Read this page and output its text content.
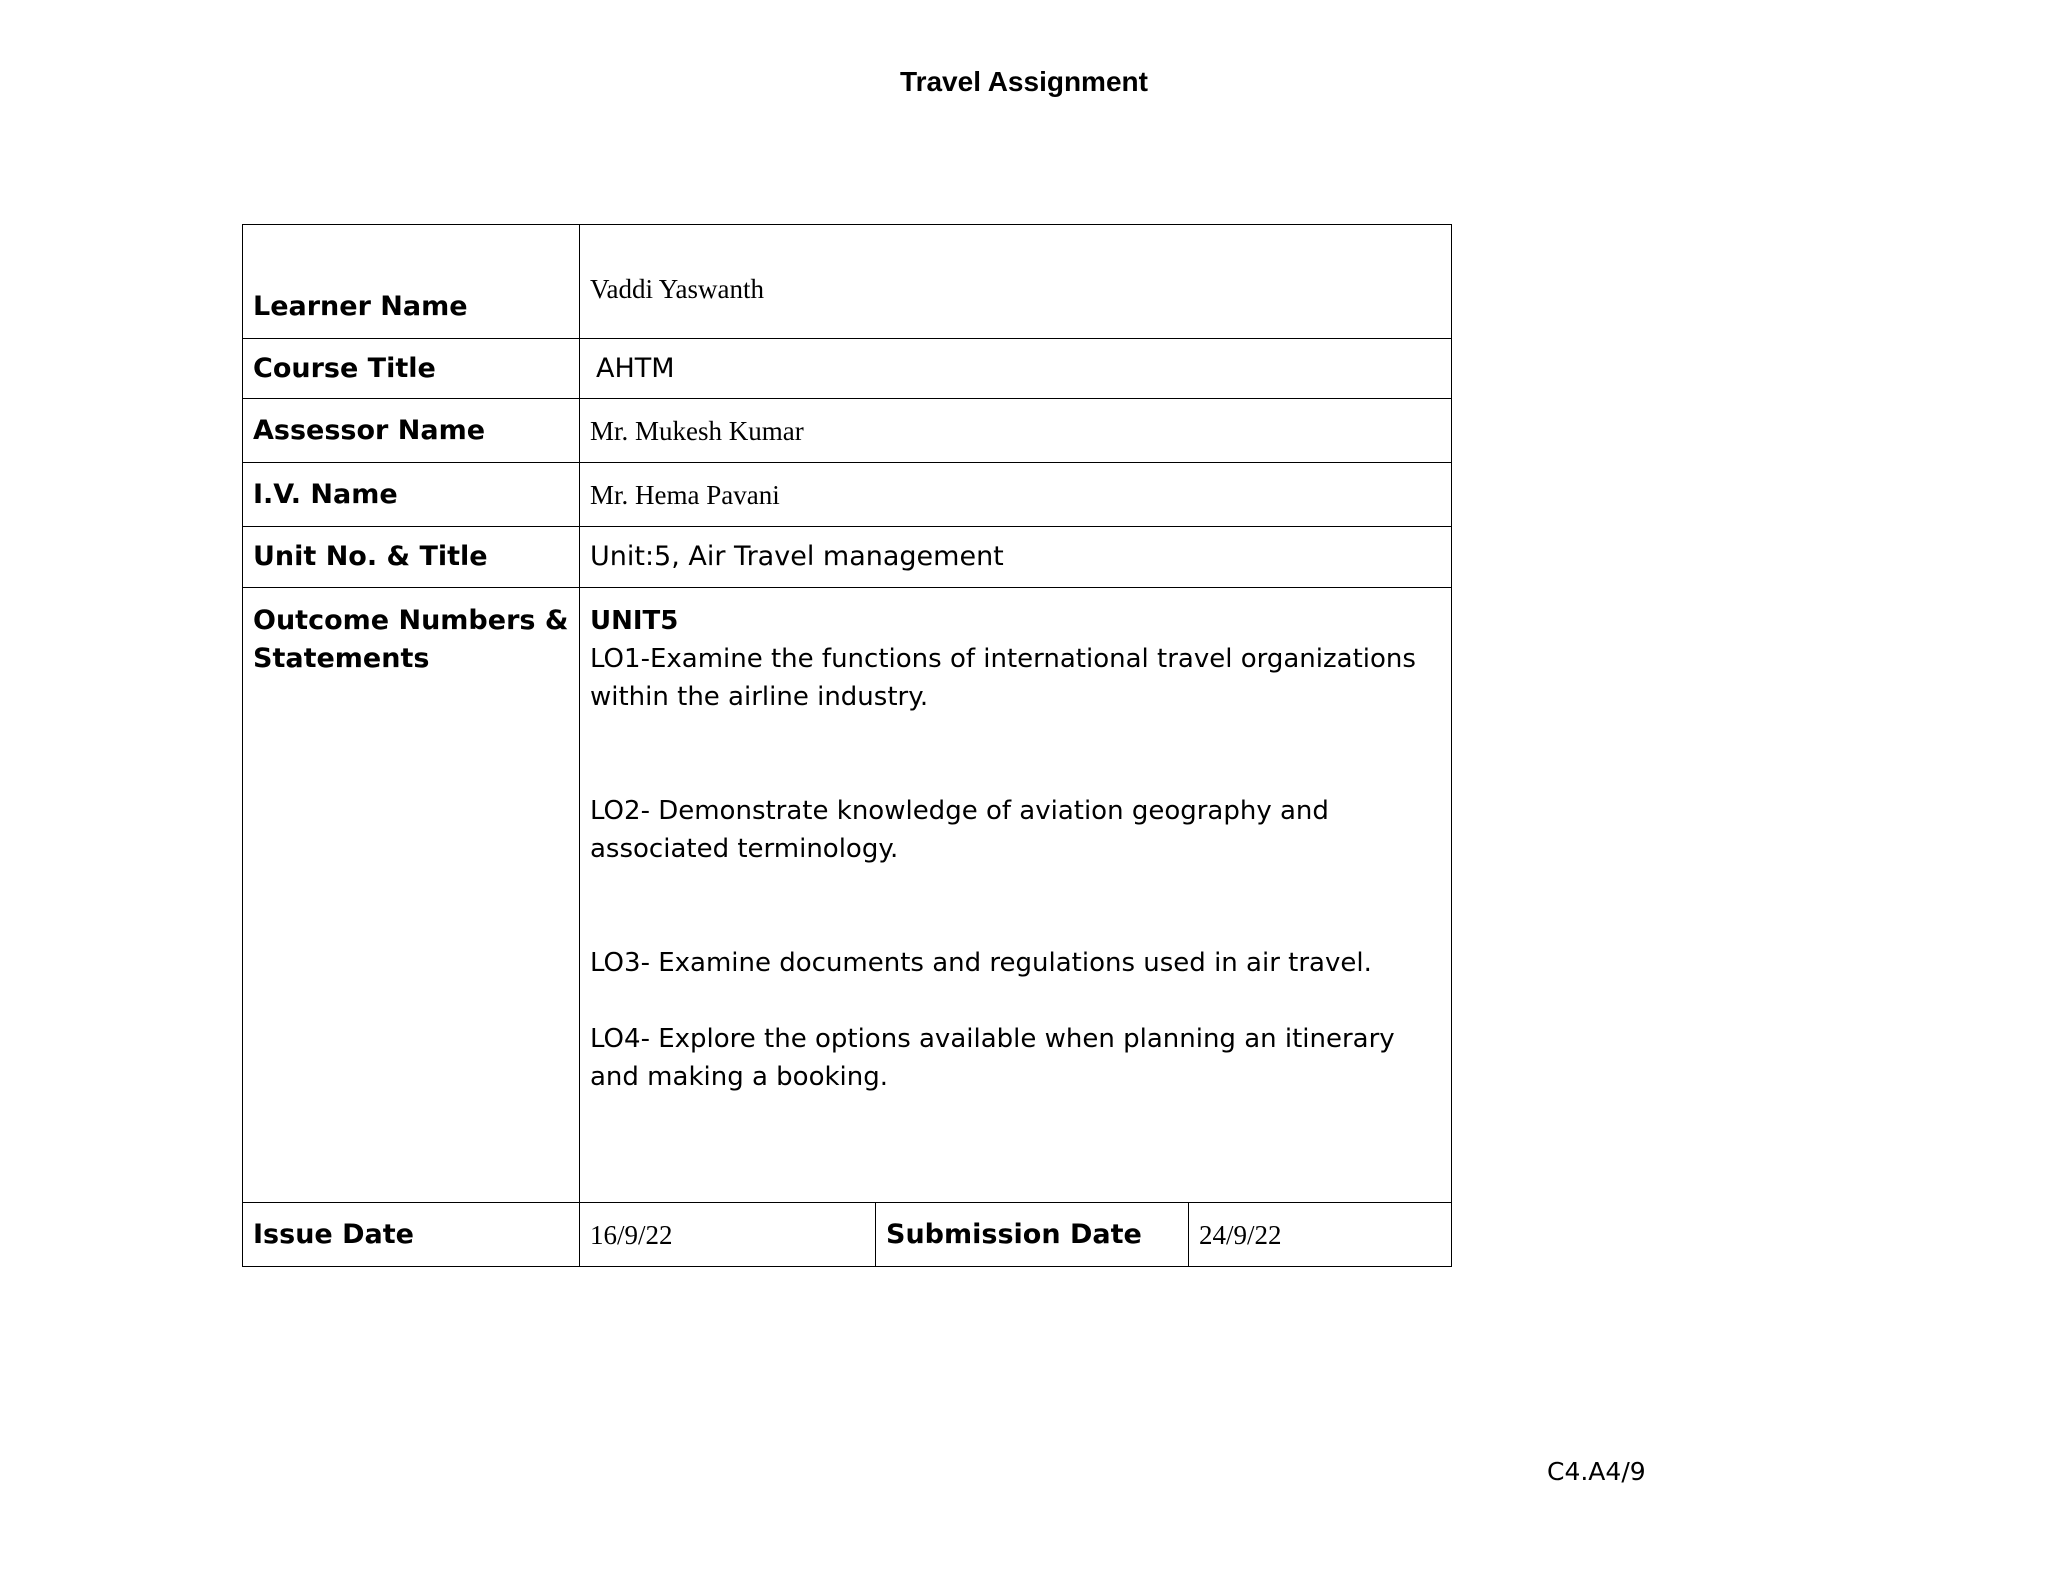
Travel Assignment
Learner Name	Vaddi Yaswanth		
Course Title	AHTM		
Assessor Name	Mr. Mukesh Kumar		
I.V. Name	Mr. Hema Pavani		
Unit No. & Title	Unit:5, Air Travel management		
Outcome Numbers & Statements	UNIT5

LO1-Examine the functions of international travel organizations within the airline industry.

LO2- Demonstrate knowledge of aviation geography and associated terminology.

LO3- Examine documents and regulations used in air travel.

LO4- Explore the options available when planning an itinerary and making a booking.		

Issue Date	16/9/22	Submission Date	24/9/22
C4.A4/9
